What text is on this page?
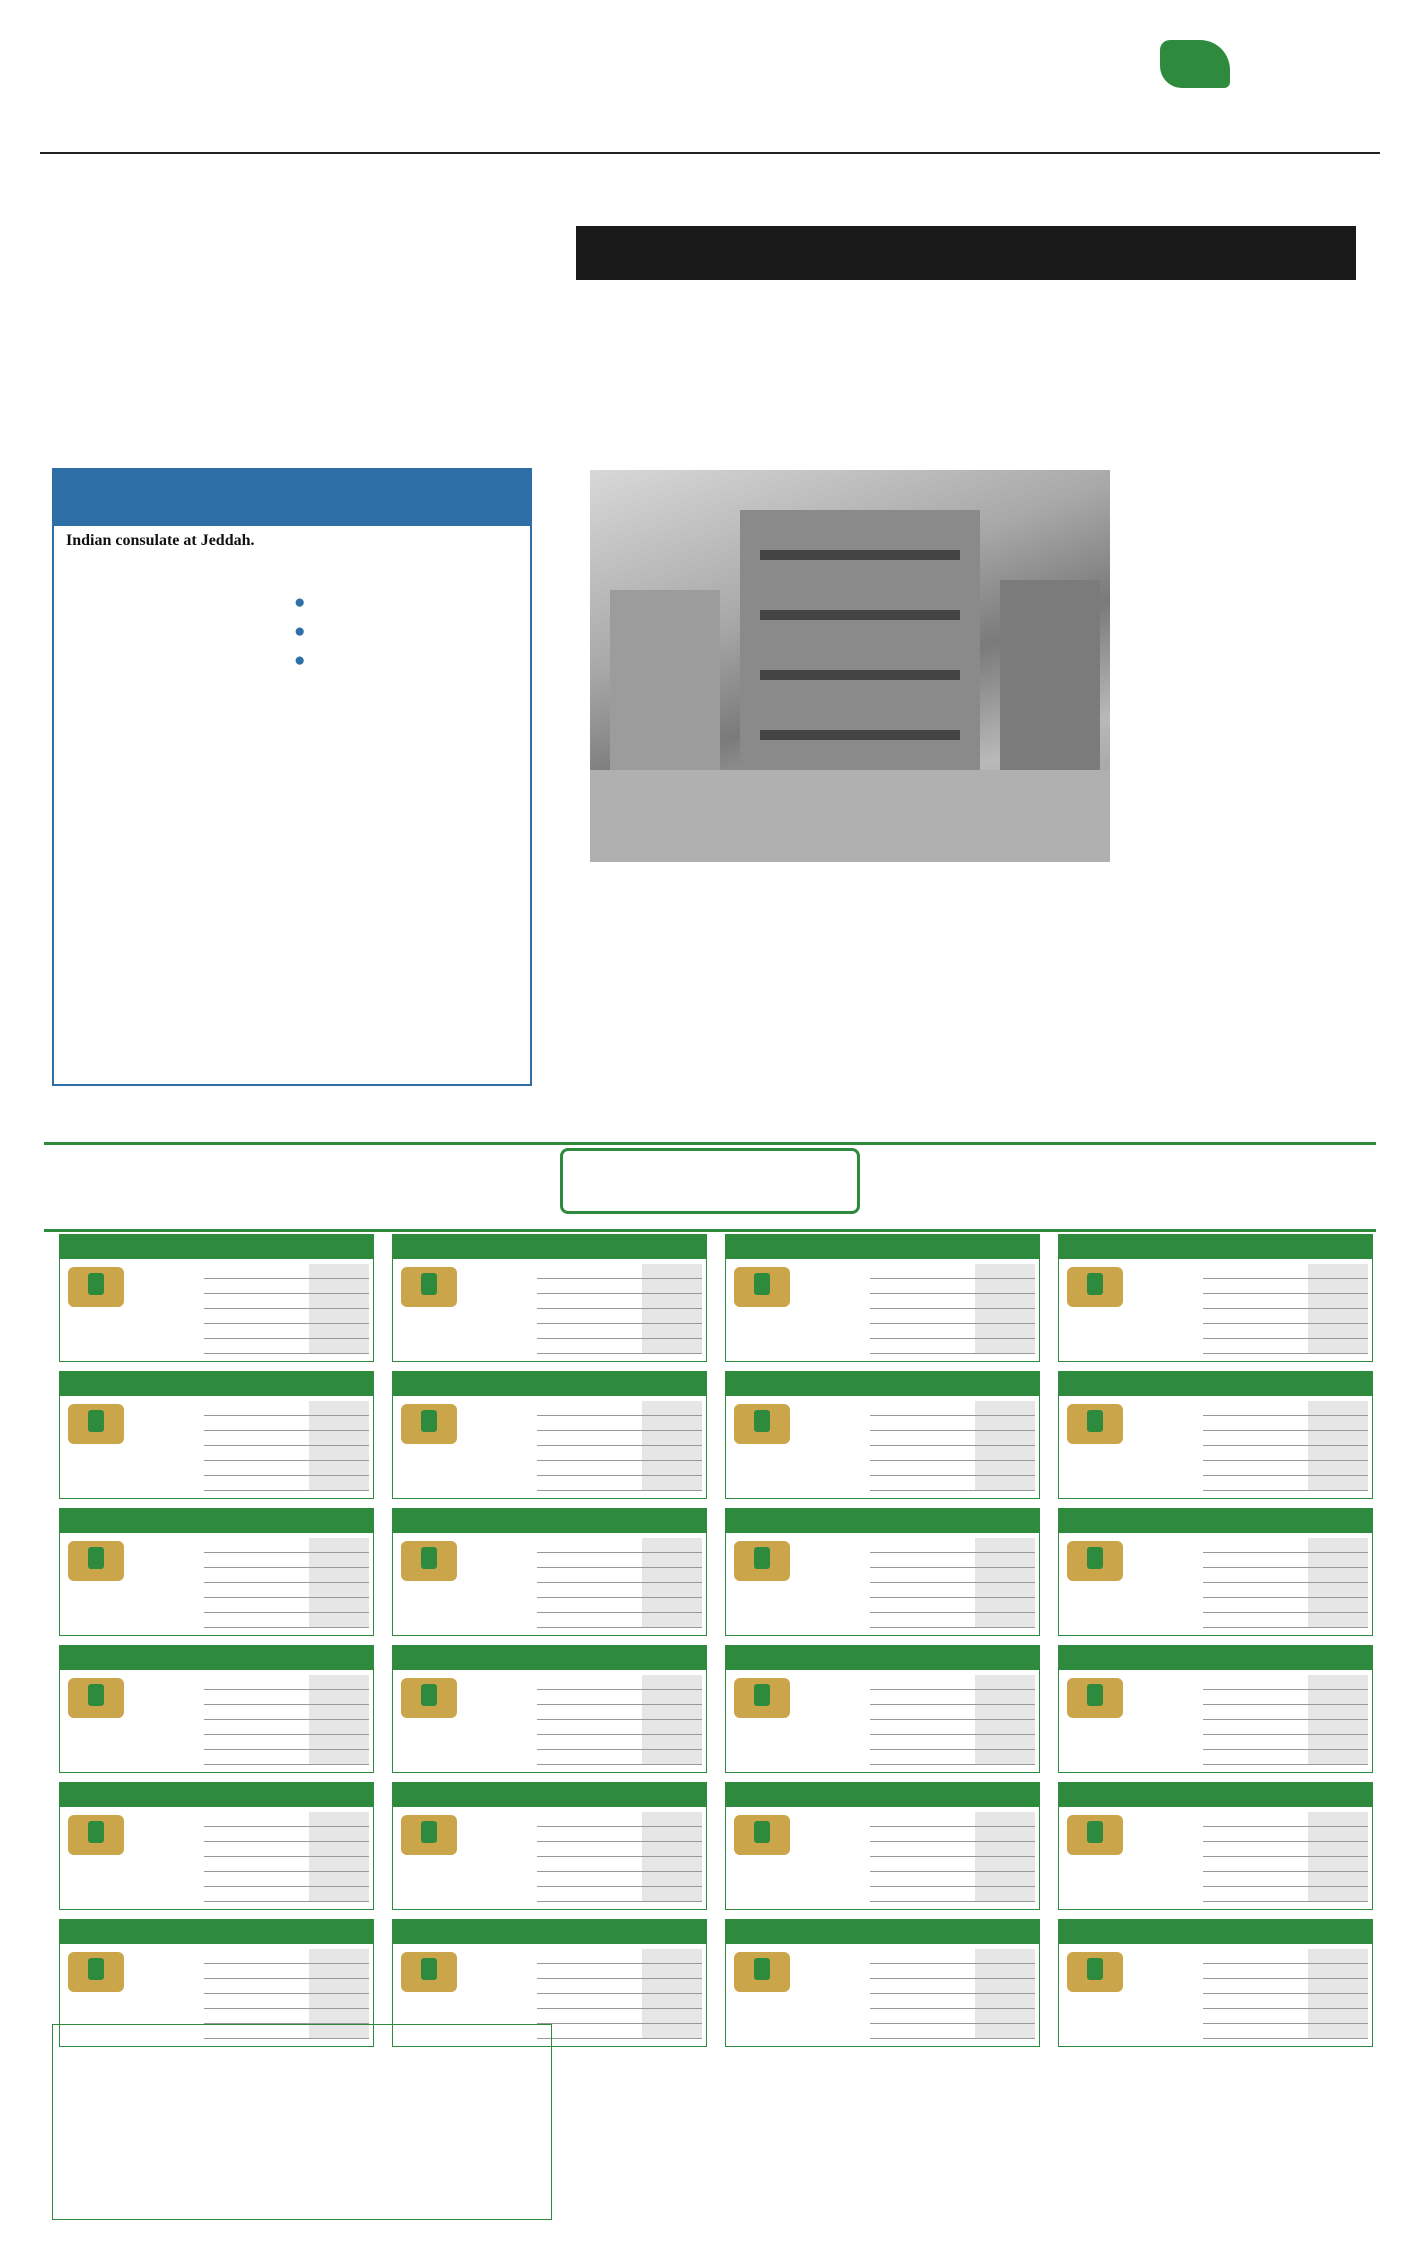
Indian consulate at Jeddah.

●

●

●
